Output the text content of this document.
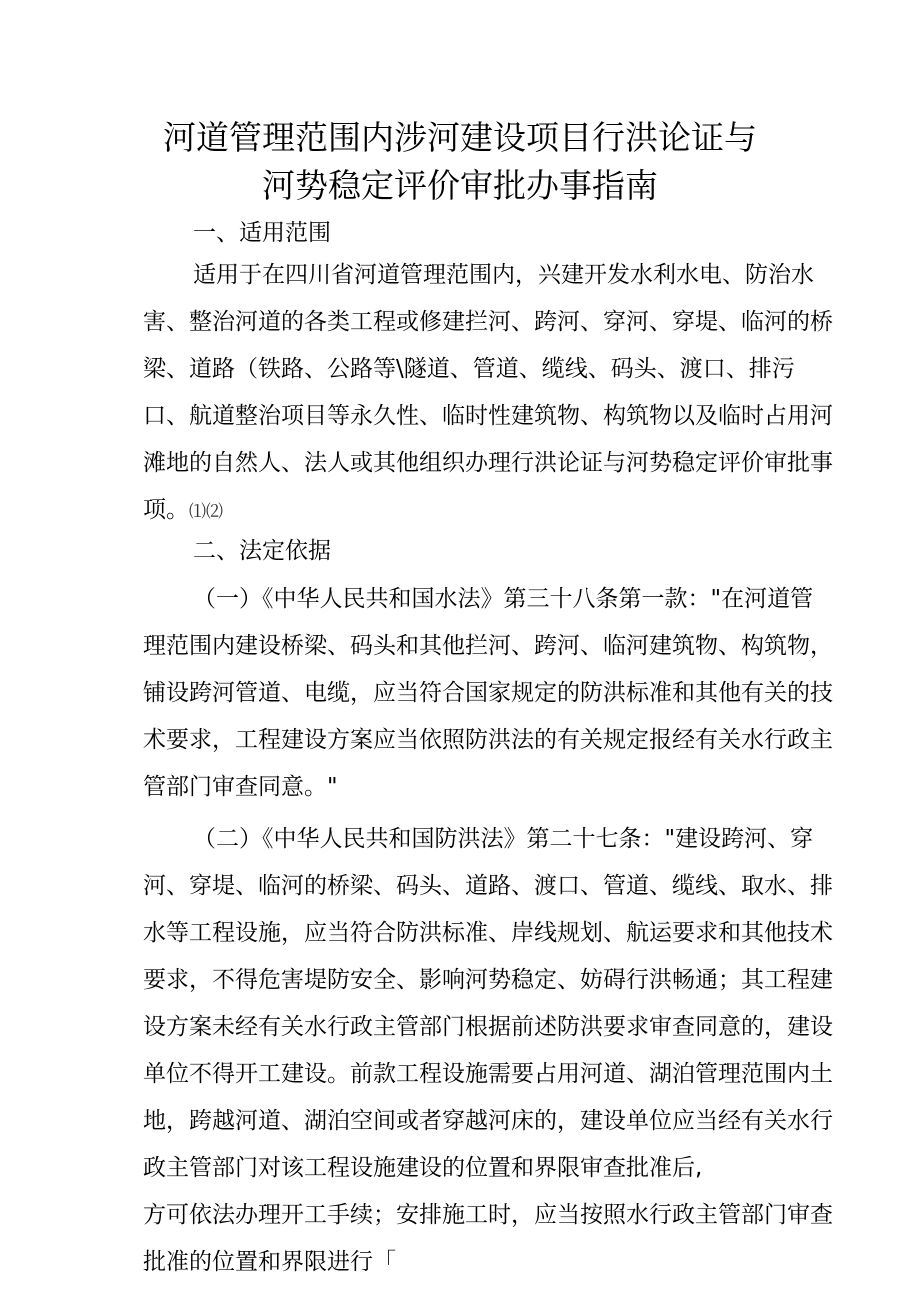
河道管理范围内涉河建设项目行洪论证与
河势稳定评价审批办事指南
一、适用范围
适用于在四川省河道管理范围内，兴建开发水利水电、防治水
害、整治河道的各类工程或修建拦河、跨河、穿河、穿堤、临河的桥
梁、道路（铁路、公路等\隧道、管道、缆线、码头、渡口、排污
口、航道整治项目等永久性、临时性建筑物、构筑物以及临时占用河
滩地的自然人、法人或其他组织办理行洪论证与河势稳定评价审批事
项。⑴⑵
二、法定依据
（一）《中华人民共和国水法》第三十八条第一款："在河道管
理范围内建设桥梁、码头和其他拦河、跨河、临河建筑物、构筑物，
铺设跨河管道、电缆，应当符合国家规定的防洪标准和其他有关的技
术要求，工程建设方案应当依照防洪法的有关规定报经有关水行政主
管部门审查同意。"
（二）《中华人民共和国防洪法》第二十七条："建设跨河、穿
河、穿堤、临河的桥梁、码头、道路、渡口、管道、缆线、取水、排
水等工程设施，应当符合防洪标准、岸线规划、航运要求和其他技术
要求，不得危害堤防安全、影响河势稳定、妨碍行洪畅通；其工程建
设方案未经有关水行政主管部门根据前述防洪要求审查同意的，建设
单位不得开工建设。前款工程设施需要占用河道、湖泊管理范围内土
地，跨越河道、湖泊空间或者穿越河床的，建设单位应当经有关水行
政主管部门对该工程设施建设的位置和界限审查批准后,
方可依法办理开工手续；安排施工时，应当按照水行政主管部门审查
批准的位置和界限进行「
